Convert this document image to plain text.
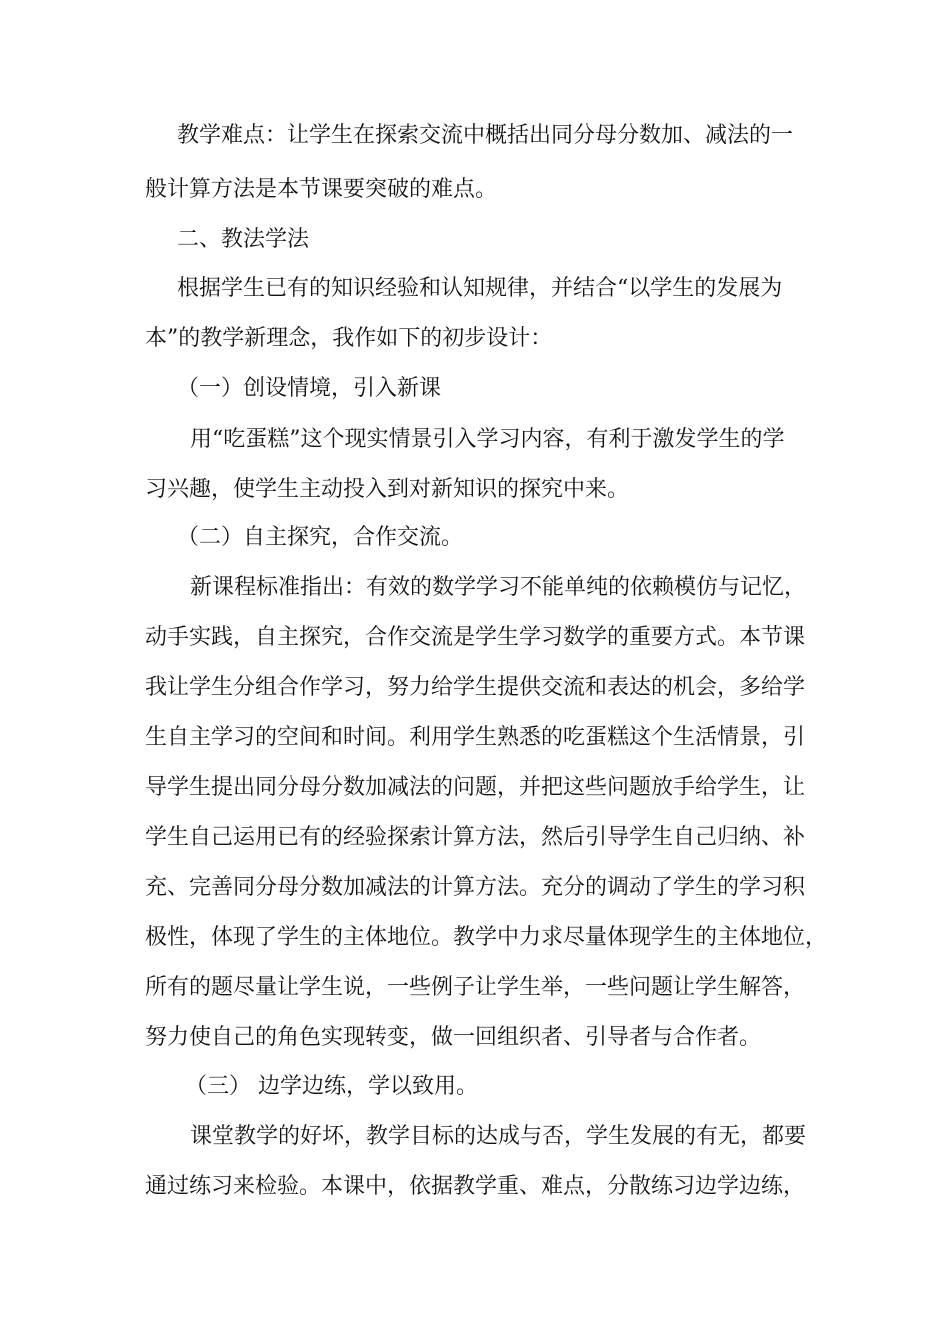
教学难点：让学生在探索交流中概括出同分母分数加、减法的一
般计算方法是本节课要突破的难点。
二、教法学法
根据学生已有的知识经验和认知规律，并结合“以学生的发展为
本”的教学新理念，我作如下的初步设计：
（一）创设情境，引入新课
用“吃蛋糕”这个现实情景引入学习内容，有利于激发学生的学
习兴趣，使学生主动投入到对新知识的探究中来。
（二）自主探究，合作交流。
新课程标准指出：有效的数学学习不能单纯的依赖模仿与记忆，
动手实践，自主探究，合作交流是学生学习数学的重要方式。本节课
我让学生分组合作学习，努力给学生提供交流和表达的机会，多给学
生自主学习的空间和时间。利用学生熟悉的吃蛋糕这个生活情景，引
导学生提出同分母分数加减法的问题，并把这些问题放手给学生，让
学生自己运用已有的经验探索计算方法，然后引导学生自己归纳、补
充、完善同分母分数加减法的计算方法。充分的调动了学生的学习积
极性，体现了学生的主体地位。教学中力求尽量体现学生的主体地位，
所有的题尽量让学生说，一些例子让学生举，一些问题让学生解答，
努力使自己的角色实现转变，做一回组织者、引导者与合作者。
（三） 边学边练，学以致用。
课堂教学的好坏，教学目标的达成与否，学生发展的有无，都要
通过练习来检验。本课中，依据教学重、难点，分散练习边学边练，
